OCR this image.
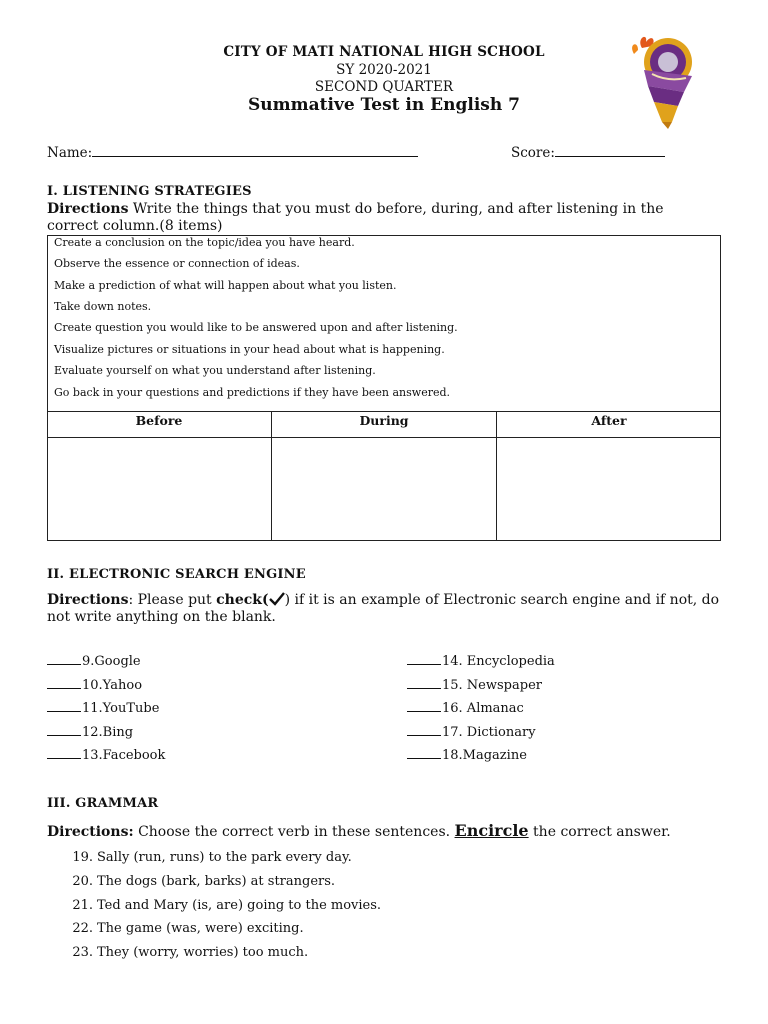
CITY OF MATI NATIONAL HIGH SCHOOL
SY 2020-2021
SECOND QUARTER
Summative Test in English 7
Name:	Score:
I. LISTENING STRATEGIES
Directions Write the things that you must do before, during, and after listening in the correct column.(8 items)
Create a conclusion on the topic/idea you have heard.
Observe the essence or connection of ideas.
Make a prediction of what will happen about what you listen.
Take down notes.
Create question you would like to be answered upon and after listening.
Visualize pictures or situations in your head about what is happening.
Evaluate yourself on what you understand after listening.
Go back in your questions and predictions if they have been answered.
Before	During	After
II. ELECTRONIC SEARCH ENGINE
Directions: Please put check( ) if it is an example of Electronic search engine and if not, do not write anything on the blank.
9.Google
10.Yahoo
11.YouTube
12.Bing
13.Facebook
14. Encyclopedia
15. Newspaper
16. Almanac
17. Dictionary
18.Magazine
III. GRAMMAR
Directions: Choose the correct verb in these sentences. Encircle the correct answer.
19. Sally (run, runs) to the park every day.
20. The dogs (bark, barks) at strangers.
21. Ted and Mary (is, are) going to the movies.
22. The game (was, were) exciting.
23. They (worry, worries) too much.
